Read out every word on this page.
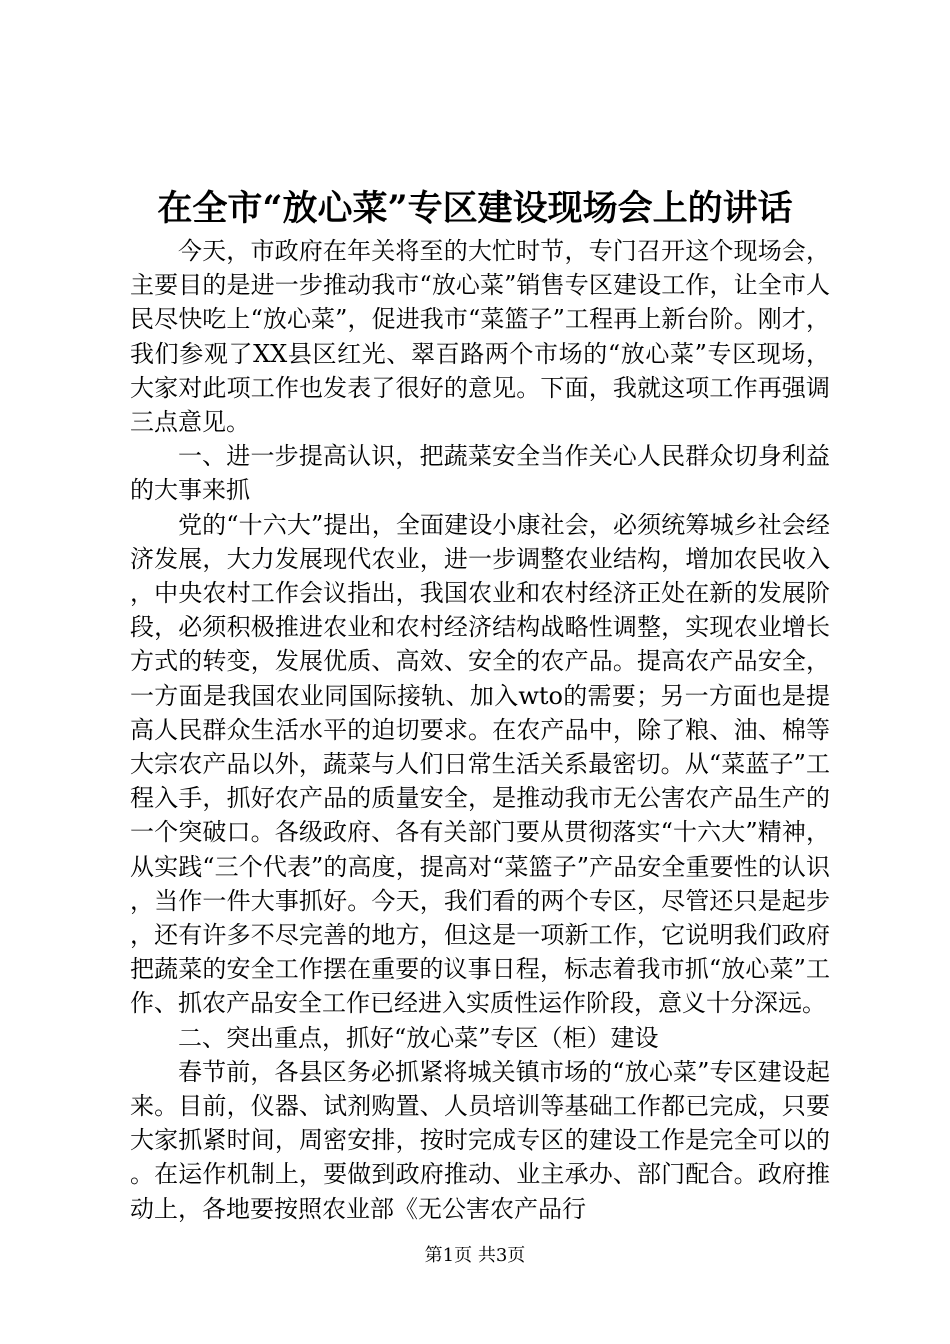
在全市“放心菜”专区建设现场会上的讲话

今天，市政府在年关将至的大忙时节，专门召开这个现场会，主要目的是进一步推动我市“放心菜”销售专区建设工作，让全市人民尽快吃上“放心菜”，促进我市“菜篮子”工程再上新台阶。刚才，我们参观了XX县区红光、翠百路两个市场的“放心菜”专区现场，大家对此项工作也发表了很好的意见。下面，我就这项工作再强调三点意见。

一、进一步提高认识，把蔬菜安全当作关心人民群众切身利益的大事来抓

党的“十六大”提出，全面建设小康社会，必须统筹城乡社会经济发展，大力发展现代农业，进一步调整农业结构，增加农民收入，中央农村工作会议指出，我国农业和农村经济正处在新的发展阶段，必须积极推进农业和农村经济结构战略性调整，实现农业增长方式的转变，发展优质、高效、安全的农产品。提高农产品安全，一方面是我国农业同国际接轨、加入wto的需要；另一方面也是提高人民群众生活水平的迫切要求。在农产品中，除了粮、油、棉等大宗农产品以外，蔬菜与人们日常生活关系最密切。从“菜蓝子”工程入手，抓好农产品的质量安全，是推动我市无公害农产品生产的一个突破口。各级政府、各有关部门要从贯彻落实“十六大”精神，从实践“三个代表”的高度，提高对“菜篮子”产品安全重要性的认识，当作一件大事抓好。今天，我们看的两个专区，尽管还只是起步，还有许多不尽完善的地方，但这是一项新工作，它说明我们政府把蔬菜的安全工作摆在重要的议事日程，标志着我市抓“放心菜”工作、抓农产品安全工作已经进入实质性运作阶段，意义十分深远。

二、突出重点，抓好“放心菜”专区（柜）建设

春节前，各县区务必抓紧将城关镇市场的“放心菜”专区建设起来。目前，仪器、试剂购置、人员培训等基础工作都已完成，只要大家抓紧时间，周密安排，按时完成专区的建设工作是完全可以的。在运作机制上，要做到政府推动、业主承办、部门配合。政府推动上，各地要按照农业部《无公害农产品行

第1页 共3页
